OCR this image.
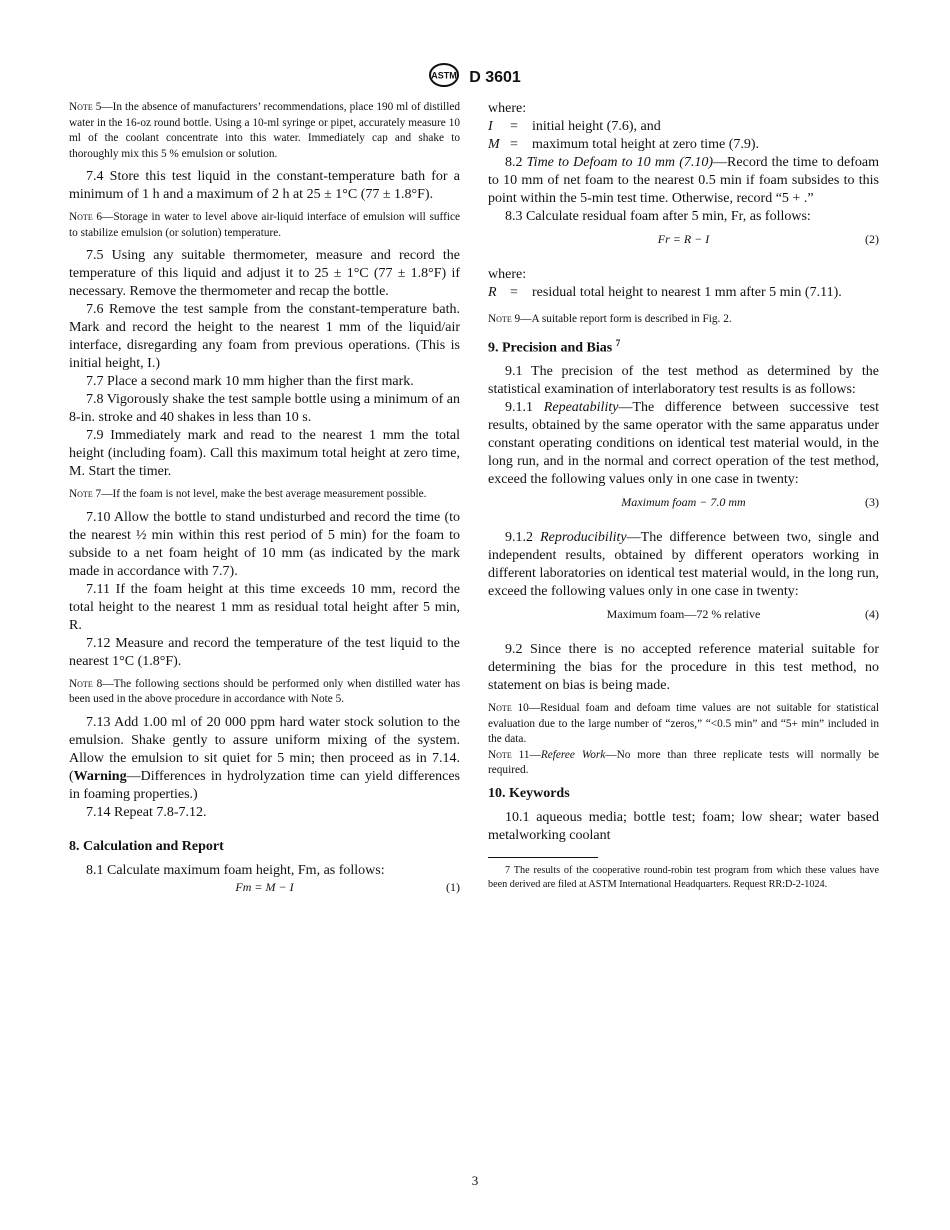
ASTM D 3601

Note 5—In the absence of manufacturers’ recommendations, place 190 ml of distilled water in the 16-oz round bottle. Using a 10-ml syringe or pipet, accurately measure 10 ml of the coolant concentrate into this water. Immediately cap and shake to thoroughly mix this 5 % emulsion or solution.

7.4 Store this test liquid in the constant-temperature bath for a minimum of 1 h and a maximum of 2 h at 25 ± 1°C (77 ± 1.8°F).

Note 6—Storage in water to level above air-liquid interface of emulsion will suffice to stabilize emulsion (or solution) temperature.

7.5 Using any suitable thermometer, measure and record the temperature of this liquid and adjust it to 25 ± 1°C (77 ± 1.8°F) if necessary. Remove the thermometer and recap the bottle.

7.6 Remove the test sample from the constant-temperature bath. Mark and record the height to the nearest 1 mm of the liquid/air interface, disregarding any foam from previous operations. (This is initial height, I.)

7.7 Place a second mark 10 mm higher than the first mark.

7.8 Vigorously shake the test sample bottle using a minimum of an 8-in. stroke and 40 shakes in less than 10 s.

7.9 Immediately mark and read to the nearest 1 mm the total height (including foam). Call this maximum total height at zero time, M. Start the timer.

Note 7—If the foam is not level, make the best average measurement possible.

7.10 Allow the bottle to stand undisturbed and record the time (to the nearest ½ min within this rest period of 5 min) for the foam to subside to a net foam height of 10 mm (as indicated by the mark made in accordance with 7.7).

7.11 If the foam height at this time exceeds 10 mm, record the total height to the nearest 1 mm as residual total height after 5 min, R.

7.12 Measure and record the temperature of the test liquid to the nearest 1°C (1.8°F).

Note 8—The following sections should be performed only when distilled water has been used in the above procedure in accordance with Note 5.

7.13 Add 1.00 ml of 20 000 ppm hard water stock solution to the emulsion. Shake gently to assure uniform mixing of the system. Allow the emulsion to sit quiet for 5 min; then proceed as in 7.14. (Warning—Differences in hydrolyzation time can yield differences in foaming properties.)

7.14 Repeat 7.8-7.12.

8. Calculation and Report

8.1 Calculate maximum foam height, Fm, as follows:

Fm = M − I	(1)

where:

I	=	initial height (7.6), and
M =	maximum total height at zero time (7.9).

8.2 Time to Defoam to 10 mm (7.10)—Record the time to defoam to 10 mm of net foam to the nearest 0.5 min if foam subsides to this point within the 5-min test time. Otherwise, record “5 + .”

8.3 Calculate residual foam after 5 min, Fr, as follows:

Fr = R − I	(2)

where:

R =	residual total height to nearest 1 mm after 5 min (7.11).

Note 9—A suitable report form is described in Fig. 2.

9. Precision and Bias $^7$

9.1 The precision of the test method as determined by the statistical examination of interlaboratory test results is as follows:

9.1.1 Repeatability—The difference between successive test results, obtained by the same operator with the same apparatus under constant operating conditions on identical test material would, in the long run, and in the normal and correct operation of the test method, exceed the following values only in one case in twenty:

Maximum foam − 7.0 mm	(3)

9.1.2 Reproducibility—The difference between two, single and independent results, obtained by different operators working in different laboratories on identical test material would, in the long run, exceed the following values only in one case in twenty:

Maximum foam—72 % relative	(4)

9.2 Since there is no accepted reference material suitable for determining the bias for the procedure in this test method, no statement on bias is being made.

Note 10—Residual foam and defoam time values are not suitable for statistical evaluation due to the large number of “zeros,” “<0.5 min” and “5+ min” included in the data.

Note 11—Referee Work—No more than three replicate tests will normally be required.

10. Keywords

10.1 aqueous media; bottle test; foam; low shear; water based metalworking coolant

7 The results of the cooperative round-robin test program from which these values have been derived are filed at ASTM International Headquarters. Request RR:D-2-1024.

3
